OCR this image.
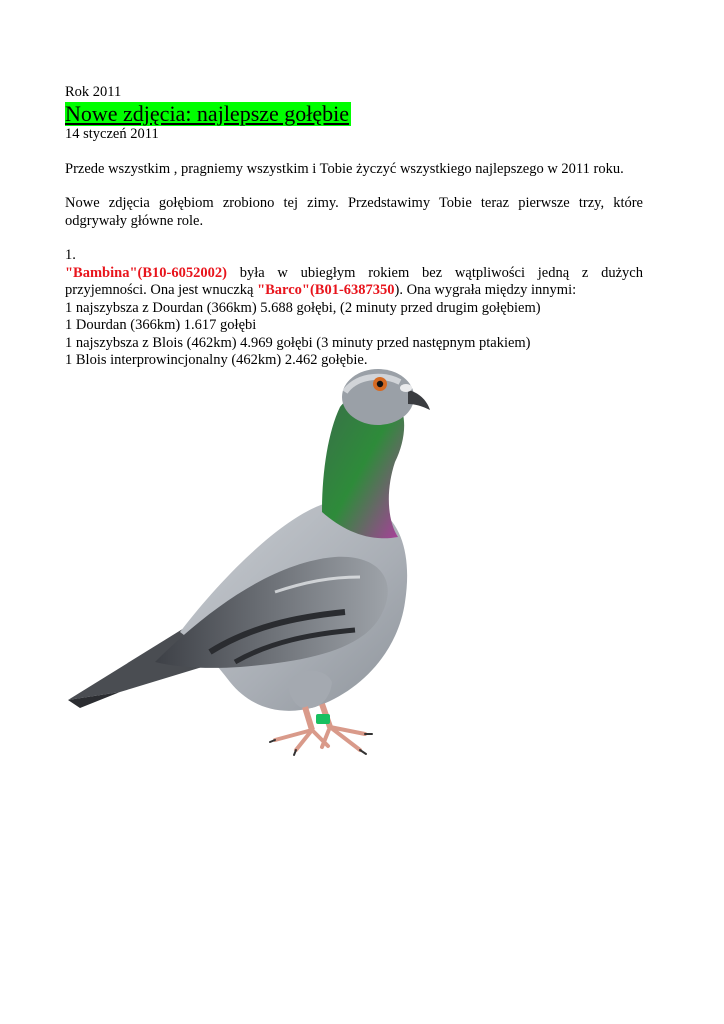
Rok 2011

Nowe zdjęcia: najlepsze gołębie

14 styczeń 2011

Przede wszystkim , pragniemy wszystkim i Tobie życzyć wszystkiego najlepszego w 2011 roku.

Nowe zdjęcia gołębiom zrobiono tej zimy. Przedstawimy Tobie teraz pierwsze trzy, które odgrywały główne role.

1.

"Bambina"(B10-6052002) była w ubiegłym rokiem bez wątpliwości jedną z dużych przyjemności. Ona jest wnuczką "Barco"(B01-6387350). Ona wygrała między innymi:

1 najszybsza z Dourdan (366km) 5.688 gołębi, (2 minuty przed drugim gołębiem)

1 Dourdan (366km) 1.617 gołębi

1 najszybsza z Blois (462km) 4.969 gołębi (3 minuty przed następnym ptakiem)

1 Blois interprowincjonalny (462km) 2.462 gołębie.
